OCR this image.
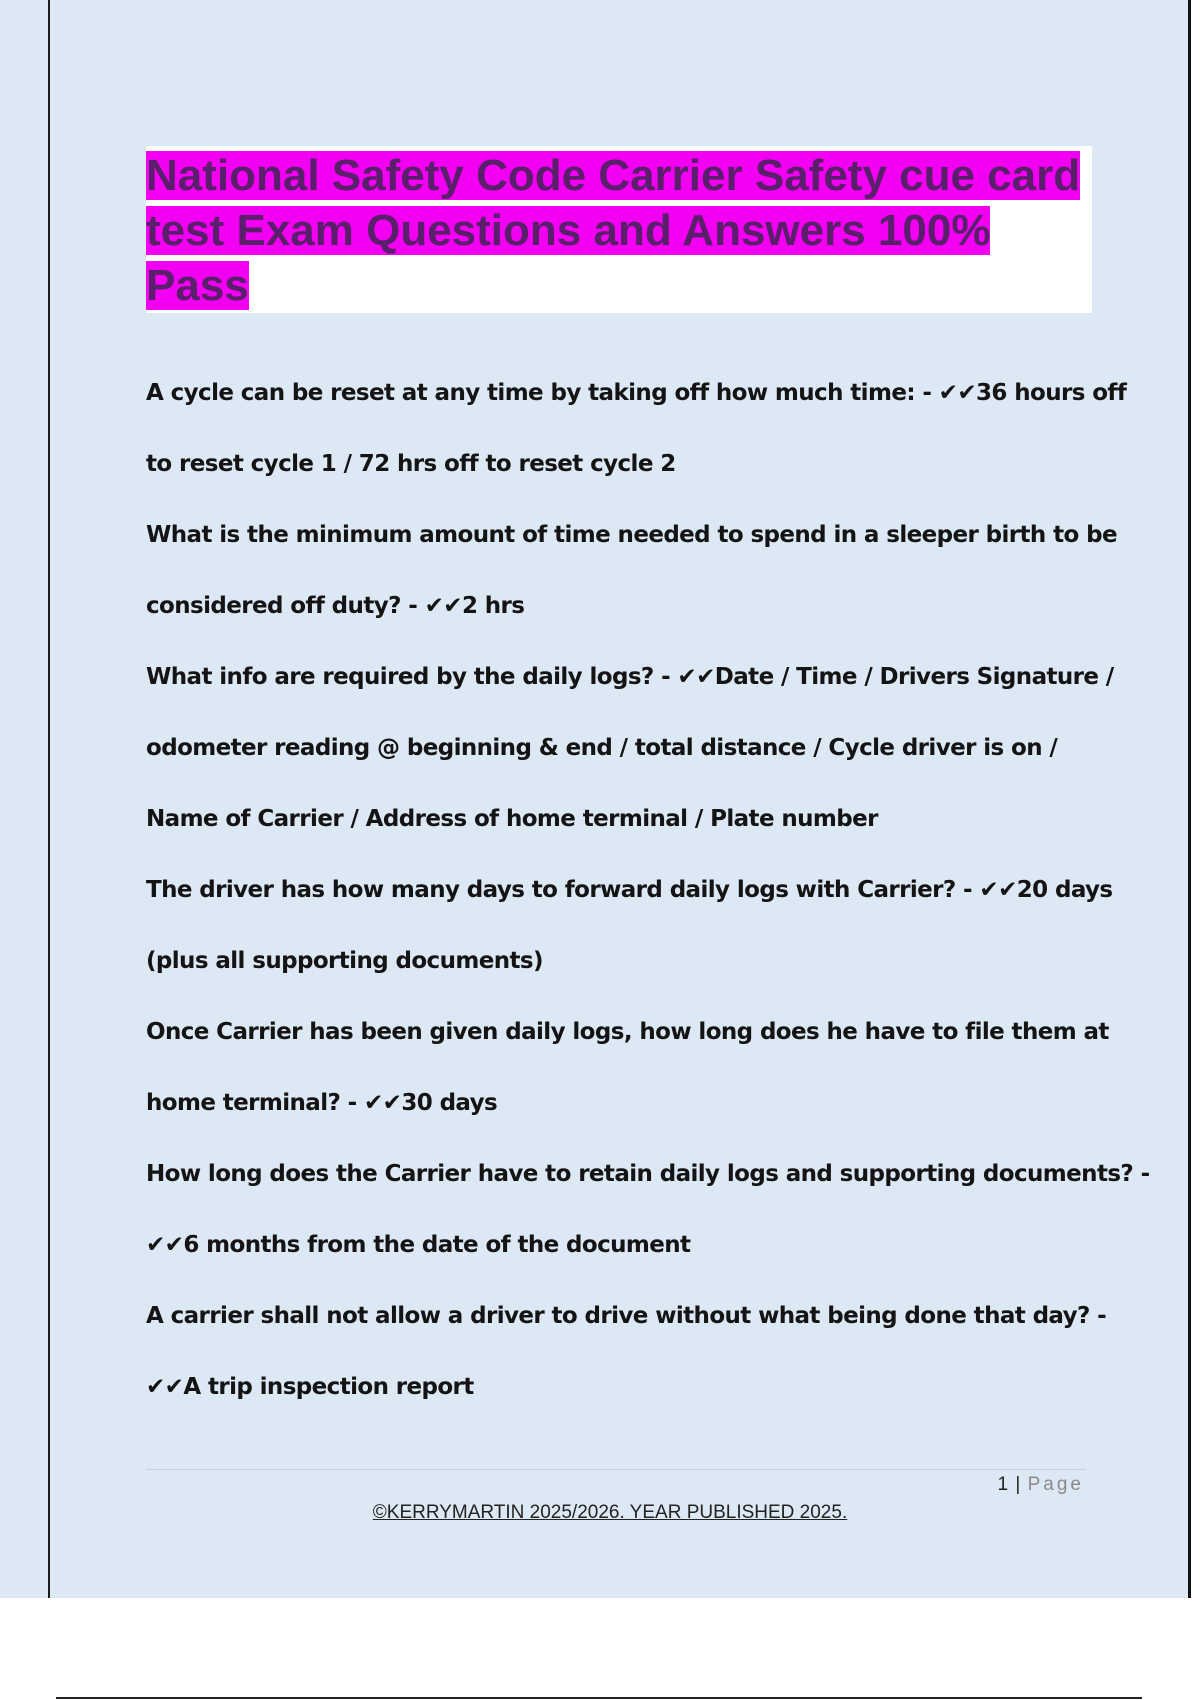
National Safety Code Carrier Safety cue card test Exam Questions and Answers 100% Pass
A cycle can be reset at any time by taking off how much time: - ✔✔36 hours off
to reset cycle 1 / 72 hrs off to reset cycle 2
What is the minimum amount of time needed to spend in a sleeper birth to be
considered off duty? - ✔✔2 hrs
What info are required by the daily logs? - ✔✔Date / Time / Drivers Signature /
odometer reading @ beginning & end / total distance / Cycle driver is on /
Name of Carrier / Address of home terminal / Plate number
The driver has how many days to forward daily logs with Carrier? - ✔✔20 days
(plus all supporting documents)
Once Carrier has been given daily logs, how long does he have to file them at
home terminal? - ✔✔30 days
How long does the Carrier have to retain daily logs and supporting documents? -
✔✔6 months from the date of the document
A carrier shall not allow a driver to drive without what being done that day? -
✔✔A trip inspection report
1 | Page
©KERRYMARTIN 2025/2026. YEAR PUBLISHED 2025.
